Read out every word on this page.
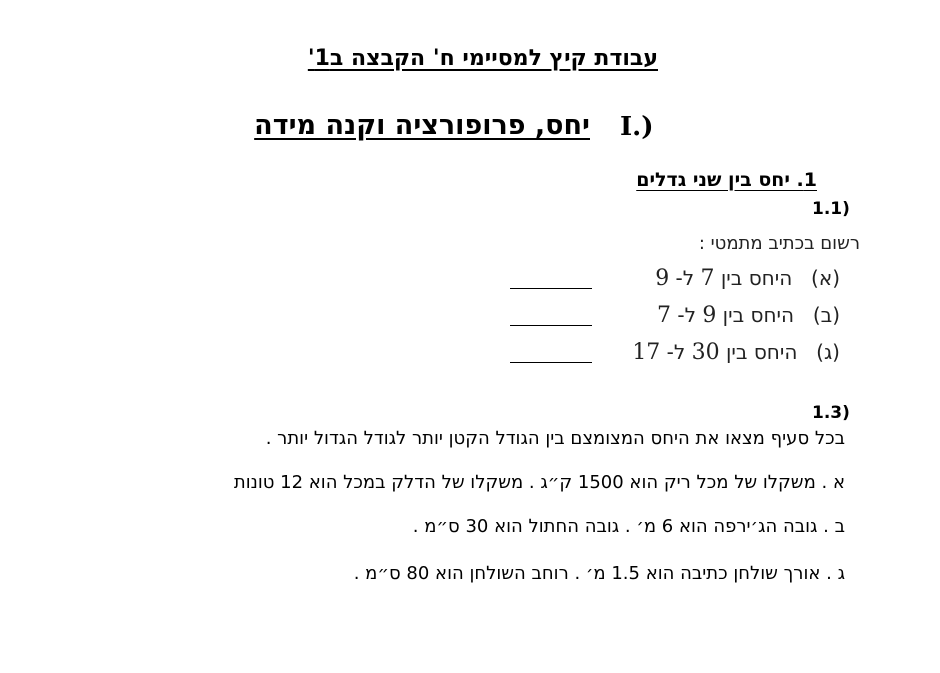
עבודת קיץ למסיימי ח' הקבצה ב1'
I.)
יחס, פרופורציה וקנה מידה
1. יחס בין שני גדלים
1.1)
רשום בכתיב מתמטי :
(א)  היחס בין 7 ל- 9
(ב)  היחס בין 9 ל- 7
(ג)  היחס בין 30 ל- 17
1.3)
בכל סעיף מצאו את היחס המצומצם בין הגודל הקטן יותר לגודל הגדול יותר .
א . משקלו של מכל ריק הוא 1500 ק״ג . משקלו של הדלק במכל הוא 12 טונות
ב . גובה הג׳ירפה הוא 6 מ׳ . גובה החתול הוא 30 ס״מ .
ג . אורך שולחן כתיבה הוא 1.5 מ׳ . רוחב השולחן הוא 80 ס״מ .
